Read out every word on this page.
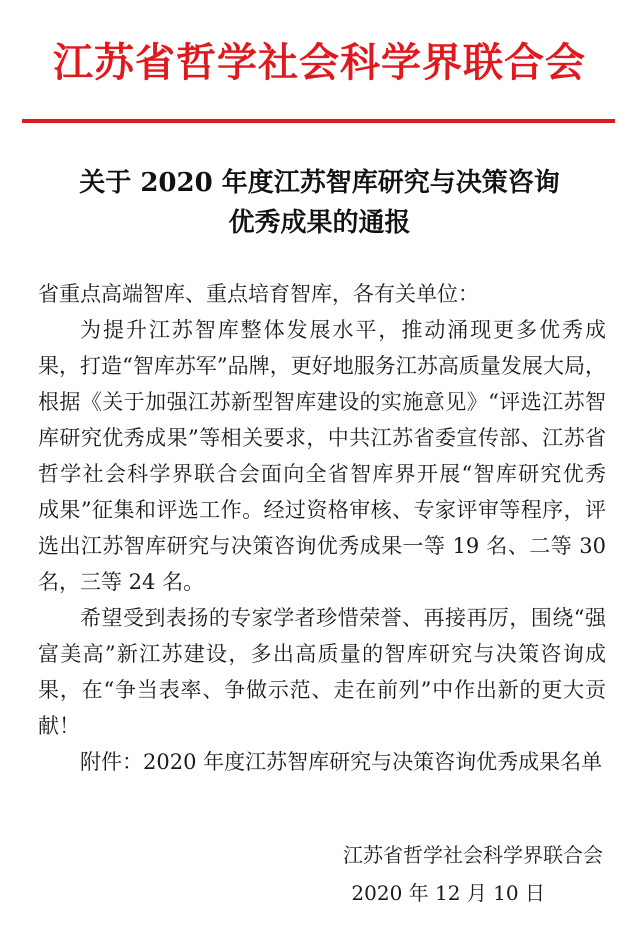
江苏省哲学社会科学界联合会
关于 2020 年度江苏智库研究与决策咨询
优秀成果的通报
省重点高端智库、重点培育智库，各有关单位：
为提升江苏智库整体发展水平，推动涌现更多优秀成
果，打造“智库苏军”品牌，更好地服务江苏高质量发展大局，
根据《关于加强江苏新型智库建设的实施意见》“评选江苏智
库研究优秀成果”等相关要求，中共江苏省委宣传部、江苏省
哲学社会科学界联合会面向全省智库界开展“智库研究优秀
成果”征集和评选工作。经过资格审核、专家评审等程序，评
选出江苏智库研究与决策咨询优秀成果一等 19 名、二等 30
名，三等 24 名。
希望受到表扬的专家学者珍惜荣誉、再接再厉，围绕“强
富美高”新江苏建设，多出高质量的智库研究与决策咨询成
果，在“争当表率、争做示范、走在前列”中作出新的更大贡
献！
附件：2020 年度江苏智库研究与决策咨询优秀成果名单
江苏省哲学社会科学界联合会
2020 年 12 月 10 日
